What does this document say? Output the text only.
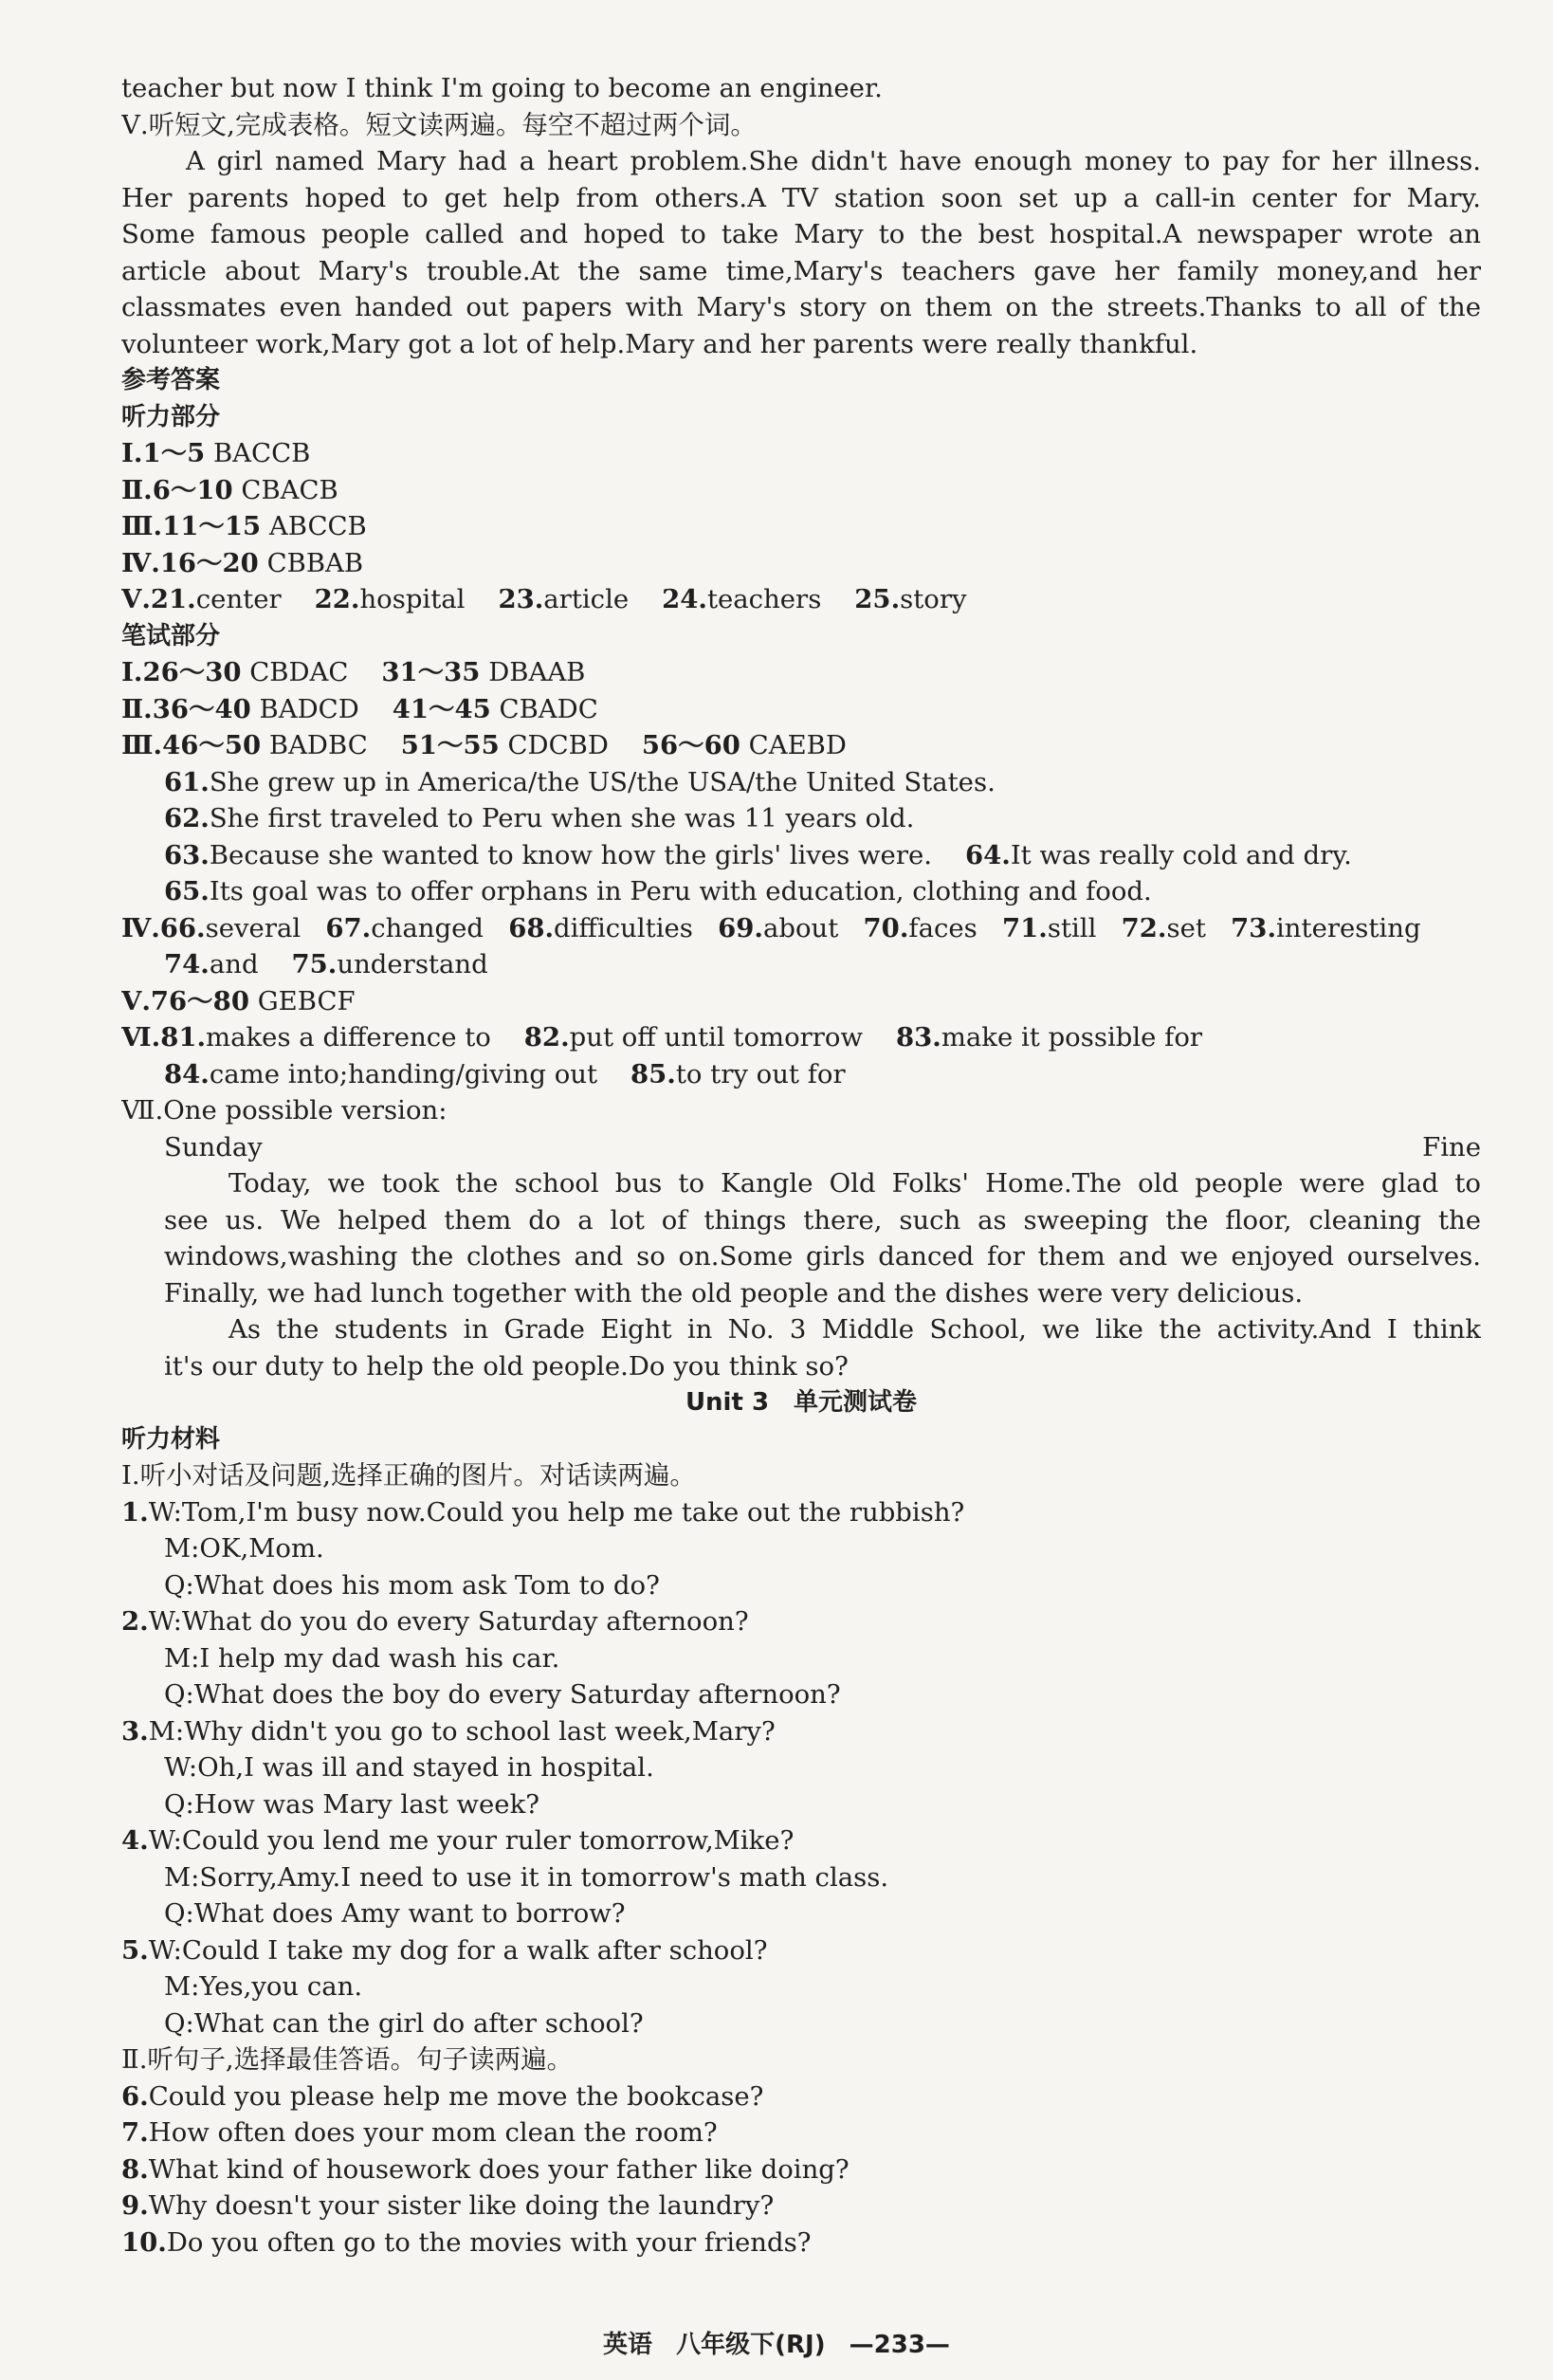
teacher but now I think I'm going to become an engineer.
Ⅴ.听短文,完成表格。短文读两遍。每空不超过两个词。
A girl named Mary had a heart problem.She didn't have enough money to pay for her illness.
Her parents hoped to get help from others.A TV station soon set up a call-in center for Mary.
Some famous people called and hoped to take Mary to the best hospital.A newspaper wrote an
article about Mary's trouble.At the same time,Mary's teachers gave her family money,and her
classmates even handed out papers with Mary's story on them on the streets.Thanks to all of the
volunteer work,Mary got a lot of help.Mary and her parents were really thankful.
参考答案
听力部分
Ⅰ.1～5 BACCB
Ⅱ.6～10 CBACB
Ⅲ.11～15 ABCCB
Ⅳ.16～20 CBBAB
Ⅴ.21.center 22.hospital 23.article 24.teachers 25.story
笔试部分
Ⅰ.26～30 CBDAC 31～35 DBAAB
Ⅱ.36～40 BADCD 41～45 CBADC
Ⅲ.46～50 BADBC 51～55 CDCBD 56～60 CAEBD
61.She grew up in America/the US/the USA/the United States.
62.She first traveled to Peru when she was 11 years old.
63.Because she wanted to know how the girls' lives were. 64.It was really cold and dry.
65.Its goal was to offer orphans in Peru with education, clothing and food.
Ⅳ.66.several 67.changed 68.difficulties 69.about 70.faces 71.still 72.set 73.interesting
74.and 75.understand
Ⅴ.76～80 GEBCF
Ⅵ.81.makes a difference to 82.put off until tomorrow 83.make it possible for
84.came into;handing/giving out 85.to try out for
Ⅶ.One possible version:
Sunday	Fine
Today, we took the school bus to Kangle Old Folks' Home.The old people were glad to
see us. We helped them do a lot of things there, such as sweeping the floor, cleaning the
windows,washing the clothes and so on.Some girls danced for them and we enjoyed ourselves.
Finally, we had lunch together with the old people and the dishes were very delicious.
As the students in Grade Eight in No. 3 Middle School, we like the activity.And I think
it's our duty to help the old people.Do you think so?
Unit 3　单元测试卷
听力材料
Ⅰ.听小对话及问题,选择正确的图片。对话读两遍。
1.W:Tom,I'm busy now.Could you help me take out the rubbish?
M:OK,Mom.
Q:What does his mom ask Tom to do?
2.W:What do you do every Saturday afternoon?
M:I help my dad wash his car.
Q:What does the boy do every Saturday afternoon?
3.M:Why didn't you go to school last week,Mary?
W:Oh,I was ill and stayed in hospital.
Q:How was Mary last week?
4.W:Could you lend me your ruler tomorrow,Mike?
M:Sorry,Amy.I need to use it in tomorrow's math class.
Q:What does Amy want to borrow?
5.W:Could I take my dog for a walk after school?
M:Yes,you can.
Q:What can the girl do after school?
Ⅱ.听句子,选择最佳答语。句子读两遍。
6.Could you please help me move the bookcase?
7.How often does your mom clean the room?
8.What kind of housework does your father like doing?
9.Why doesn't your sister like doing the laundry?
10.Do you often go to the movies with your friends?
英语 八年级下(RJ) —233—
